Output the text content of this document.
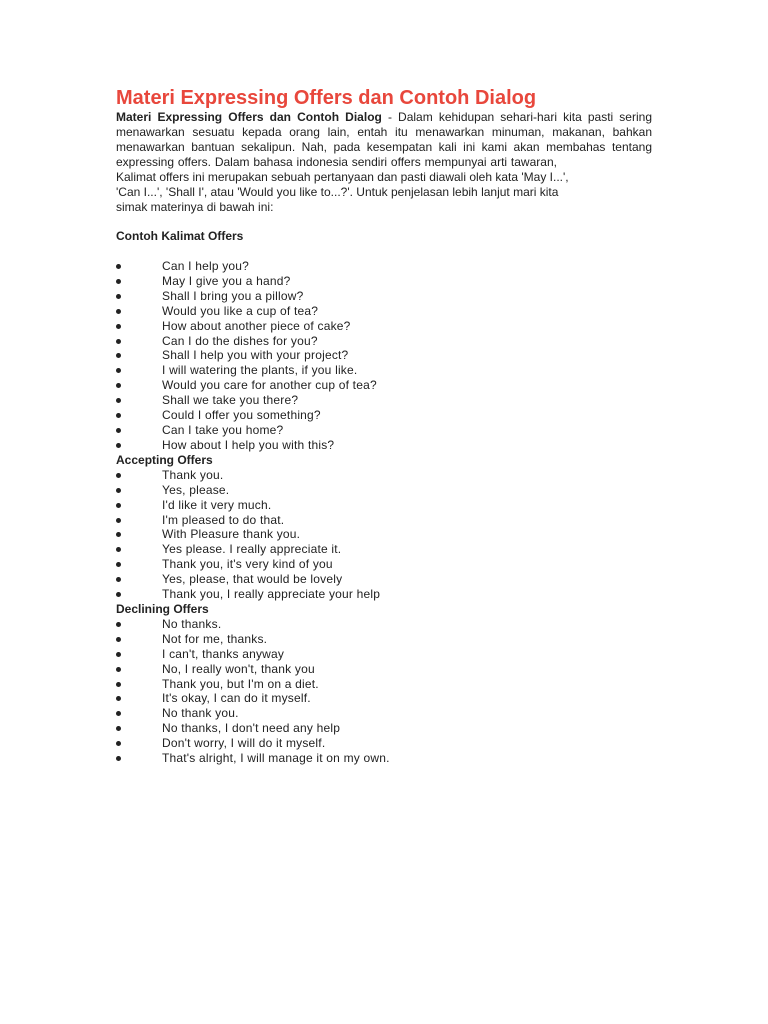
Materi Expressing Offers dan Contoh Dialog

Materi Expressing Offers dan Contoh Dialog - Dalam kehidupan sehari-hari kita pasti sering menawarkan sesuatu kepada orang lain, entah itu menawarkan minuman, makanan, bahkan menawarkan bantuan sekalipun. Nah, pada kesempatan kali ini kami akan membahas tentang expressing offers. Dalam bahasa indonesia sendiri offers mempunyai arti tawaran,

Kalimat offers ini merupakan sebuah pertanyaan dan pasti diawali oleh kata 'May I...',

'Can I...', 'Shall I', atau 'Would you like to...?'. Untuk penjelasan lebih lanjut mari kita

simak materinya di bawah ini:

Contoh Kalimat Offers
Can I help you?
May I give you a hand?
Shall I bring you a pillow?
Would you like a cup of tea?
How about another piece of cake?
Can I do the dishes for you?
Shall I help you with your project?
I will watering the plants, if you like.
Would you care for another cup of tea?
Shall we take you there?
Could I offer you something?
Can I take you home?
How about I help you with this?
Accepting Offers
Thank you.
Yes, please.
I'd like it very much.
I'm pleased to do that.
With Pleasure thank you.
Yes please. I really appreciate it.
Thank you, it's very kind of you
Yes, please, that would be lovely
Thank you, I really appreciate your help
Declining Offers
No thanks.
Not for me, thanks.
I can't, thanks anyway
No, I really won't, thank you
Thank you, but I'm on a diet.
It's okay, I can do it myself.
No thank you.
No thanks, I don't need any help
Don't worry, I will do it myself.
That's alright, I will manage it on my own.
